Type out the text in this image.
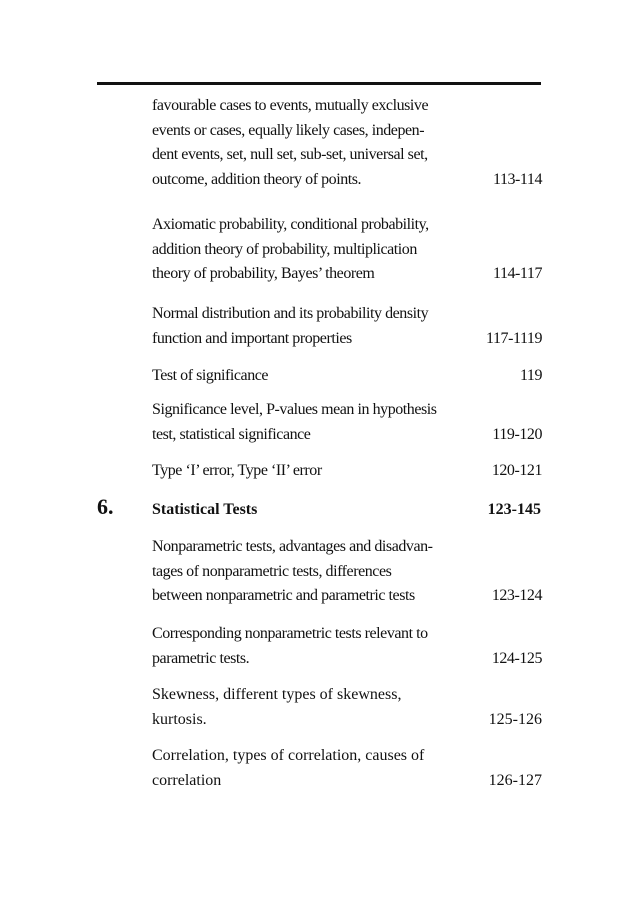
favourable cases to events, mutually exclusive
events or cases, equally likely cases, indepen-
dent events, set, null set, sub-set, universal set,
outcome, addition theory of points.	113-114
Axiomatic probability, conditional probability,
addition theory of probability, multiplication
theory of probability, Bayes’ theorem	114-117
Normal distribution and its probability density
function and important properties	117-1119
Test of significance	119
Significance level, P-values mean in hypothesis
test, statistical significance	119-120
Type ‘I’ error, Type ‘II’ error	120-121
6. Statistical Tests	123-145
Nonparametric tests, advantages and disadvan-
tages of nonparametric tests, differences
between nonparametric and parametric tests	123-124
Corresponding nonparametric tests relevant to
parametric tests.	124-125
Skewness, different types of skewness,
kurtosis.	125-126
Correlation, types of correlation, causes of
correlation	126-127
